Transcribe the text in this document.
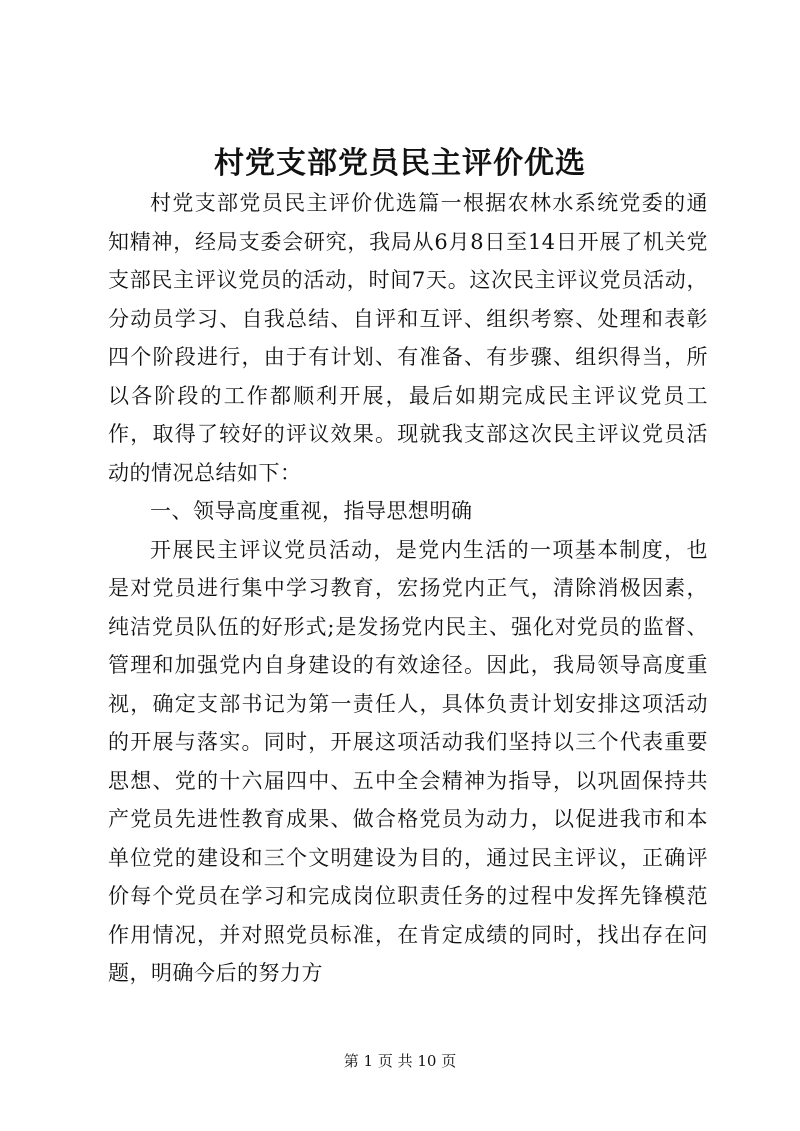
村党支部党员民主评价优选

村党支部党员民主评价优选篇一根据农林水系统党委的通知精神，经局支委会研究，我局从6月8日至14日开展了机关党支部民主评议党员的活动，时间7天。这次民主评议党员活动，分动员学习、自我总结、自评和互评、组织考察、处理和表彰四个阶段进行，由于有计划、有准备、有步骤、组织得当，所以各阶段的工作都顺利开展，最后如期完成民主评议党员工作，取得了较好的评议效果。现就我支部这次民主评议党员活动的情况总结如下：

一、领导高度重视，指导思想明确

开展民主评议党员活动，是党内生活的一项基本制度，也是对党员进行集中学习教育，宏扬党内正气，清除消极因素，纯洁党员队伍的好形式;是发扬党内民主、强化对党员的监督、管理和加强党内自身建设的有效途径。因此，我局领导高度重视，确定支部书记为第一责任人，具体负责计划安排这项活动的开展与落实。同时，开展这项活动我们坚持以三个代表重要思想、党的十六届四中、五中全会精神为指导，以巩固保持共产党员先进性教育成果、做合格党员为动力，以促进我市和本单位党的建设和三个文明建设为目的，通过民主评议，正确评价每个党员在学习和完成岗位职责任务的过程中发挥先锋模范作用情况，并对照党员标准，在肯定成绩的同时，找出存在问题，明确今后的努力方

第 1 页 共 10 页
